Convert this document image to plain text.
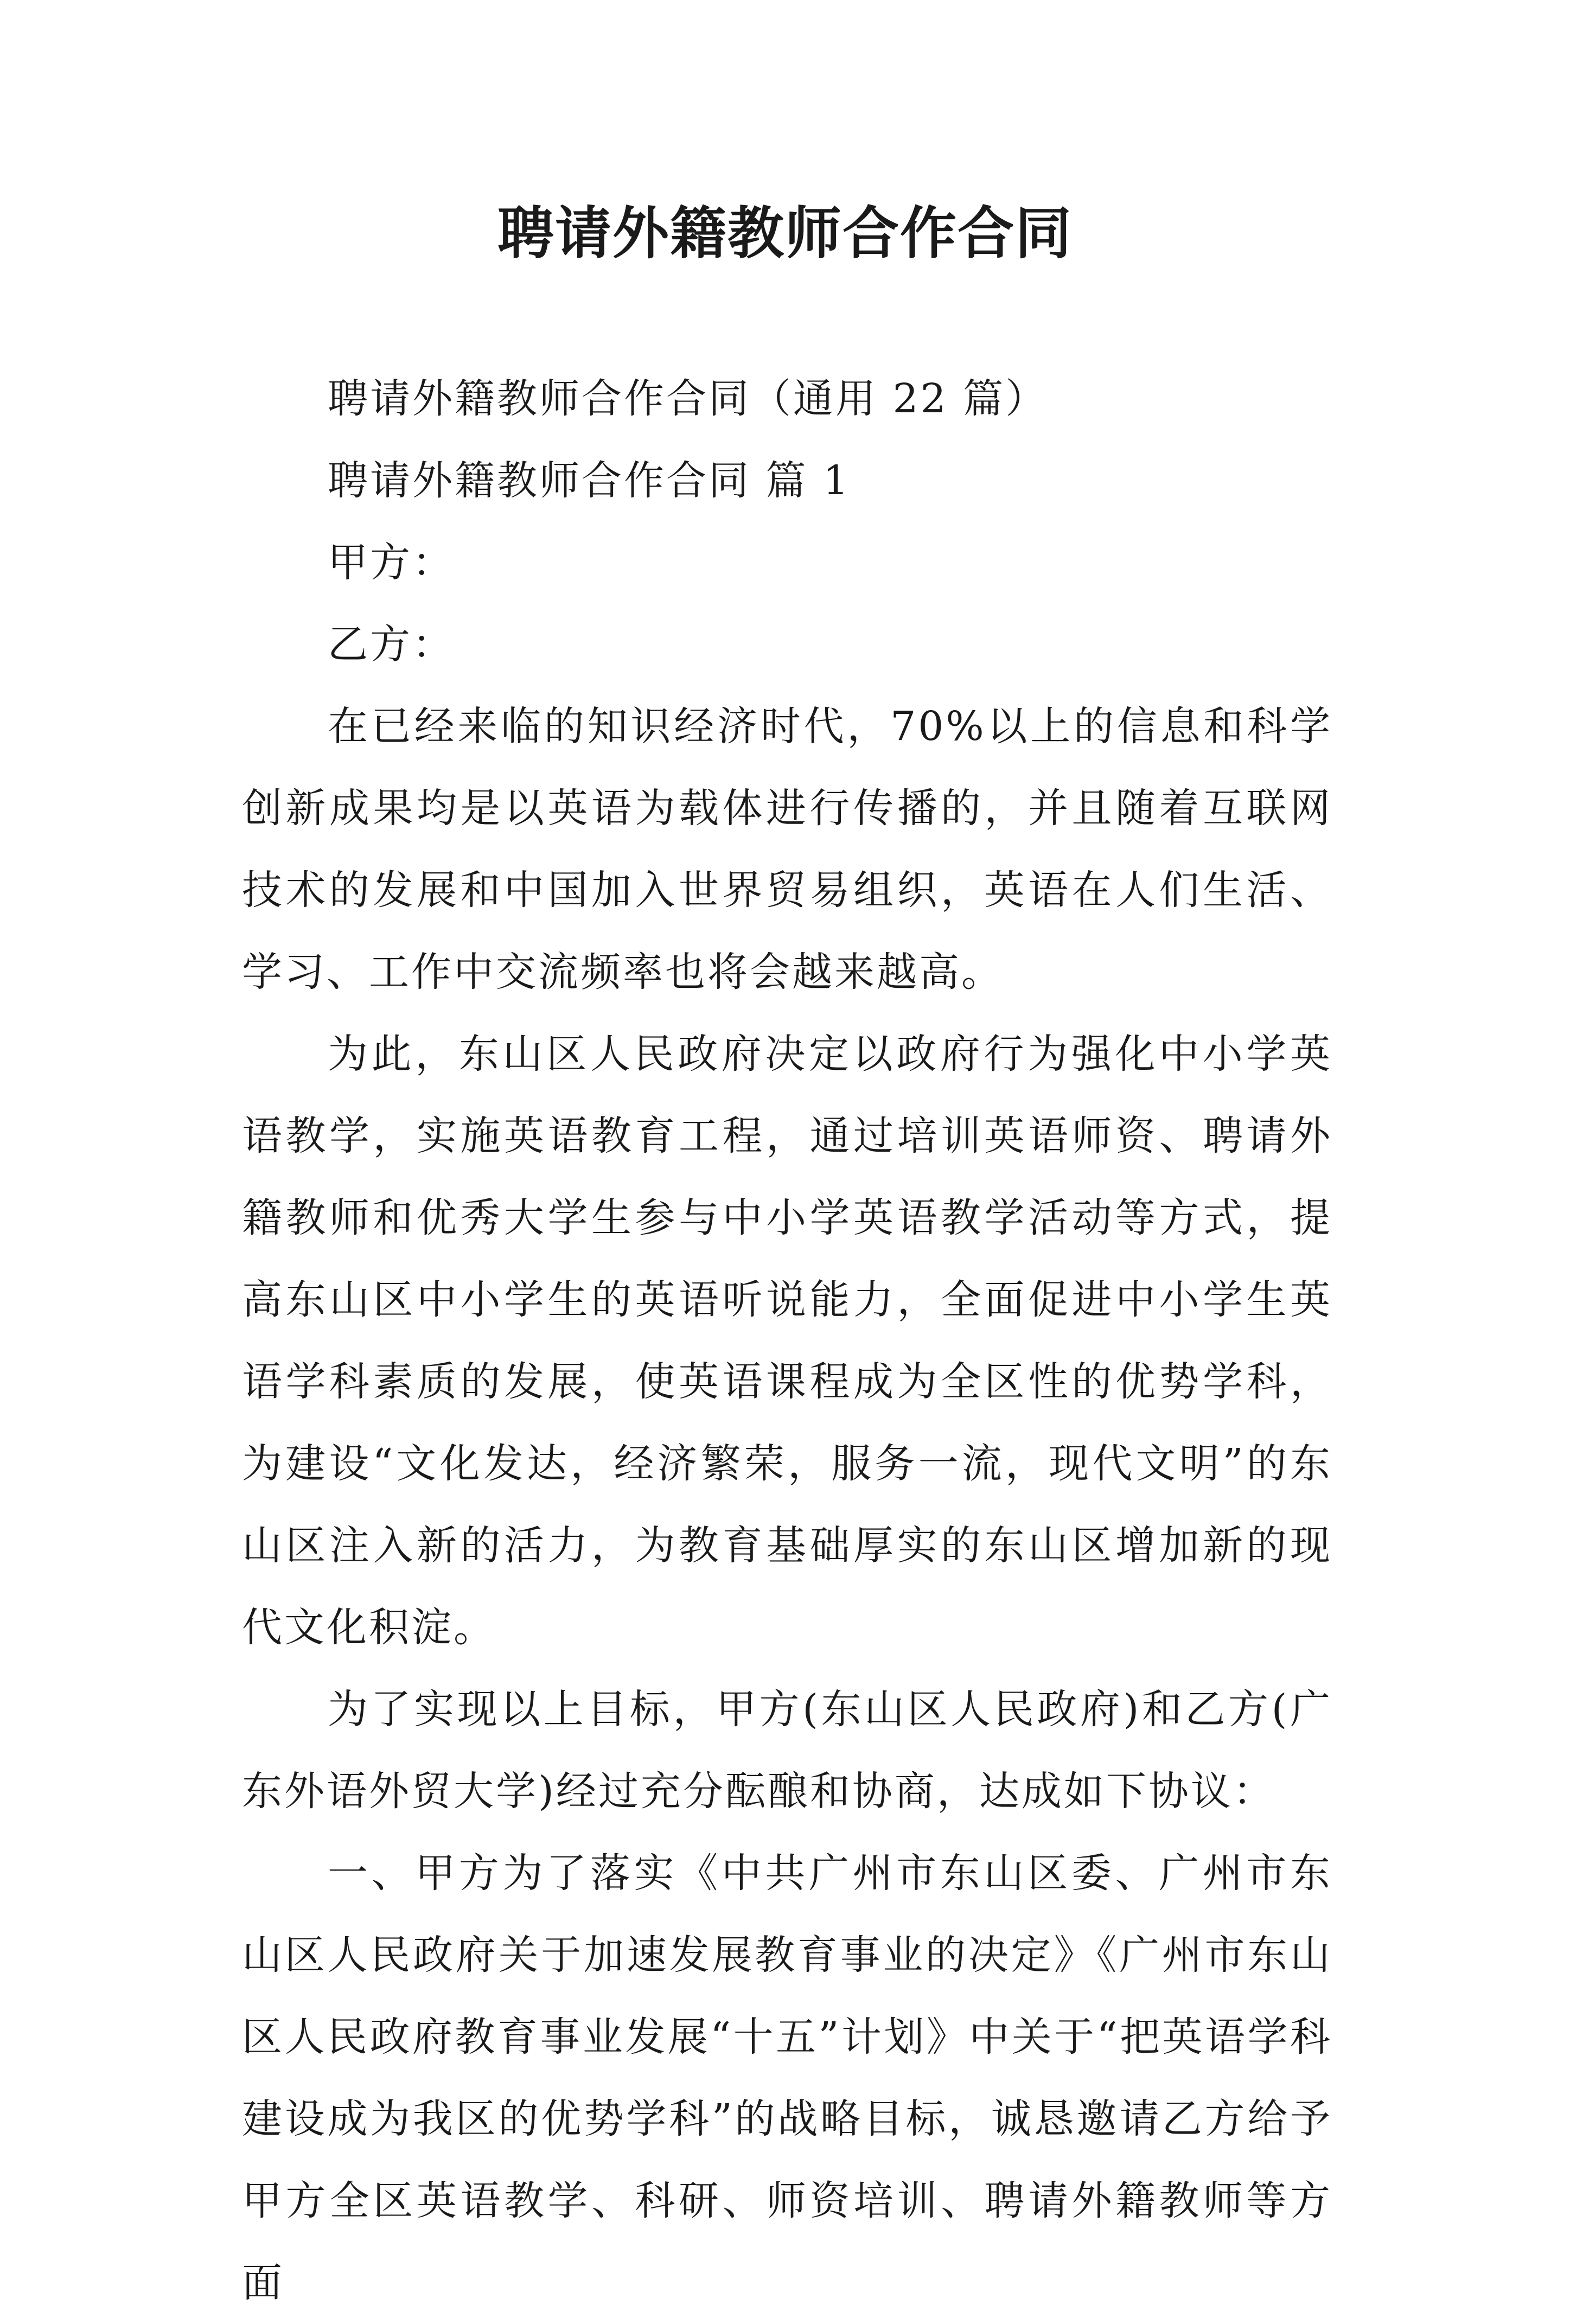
聘请外籍教师合作合同

聘请外籍教师合作合同（通用 22 篇）

聘请外籍教师合作合同 篇 1

甲方：

乙方：

在已经来临的知识经济时代，70%以上的信息和科学创新成果均是以英语为载体进行传播的，并且随着互联网技术的发展和中国加入世界贸易组织，英语在人们生活、学习、工作中交流频率也将会越来越高。

为此，东山区人民政府决定以政府行为强化中小学英语教学，实施英语教育工程，通过培训英语师资、聘请外籍教师和优秀大学生参与中小学英语教学活动等方式，提高东山区中小学生的英语听说能力，全面促进中小学生英语学科素质的发展，使英语课程成为全区性的优势学科，为建设“文化发达，经济繁荣，服务一流，现代文明”的东山区注入新的活力，为教育基础厚实的东山区增加新的现代文化积淀。

为了实现以上目标，甲方(东山区人民政府)和乙方(广东外语外贸大学)经过充分酝酿和协商，达成如下协议：

一、甲方为了落实《中共广州市东山区委、广州市东山区人民政府关于加速发展教育事业的决定》《广州市东山区人民政府教育事业发展“十五”计划》中关于“把英语学科建设成为我区的优势学科”的战略目标，诚恳邀请乙方给予甲方全区英语教学、科研、师资培训、聘请外籍教师等方面
